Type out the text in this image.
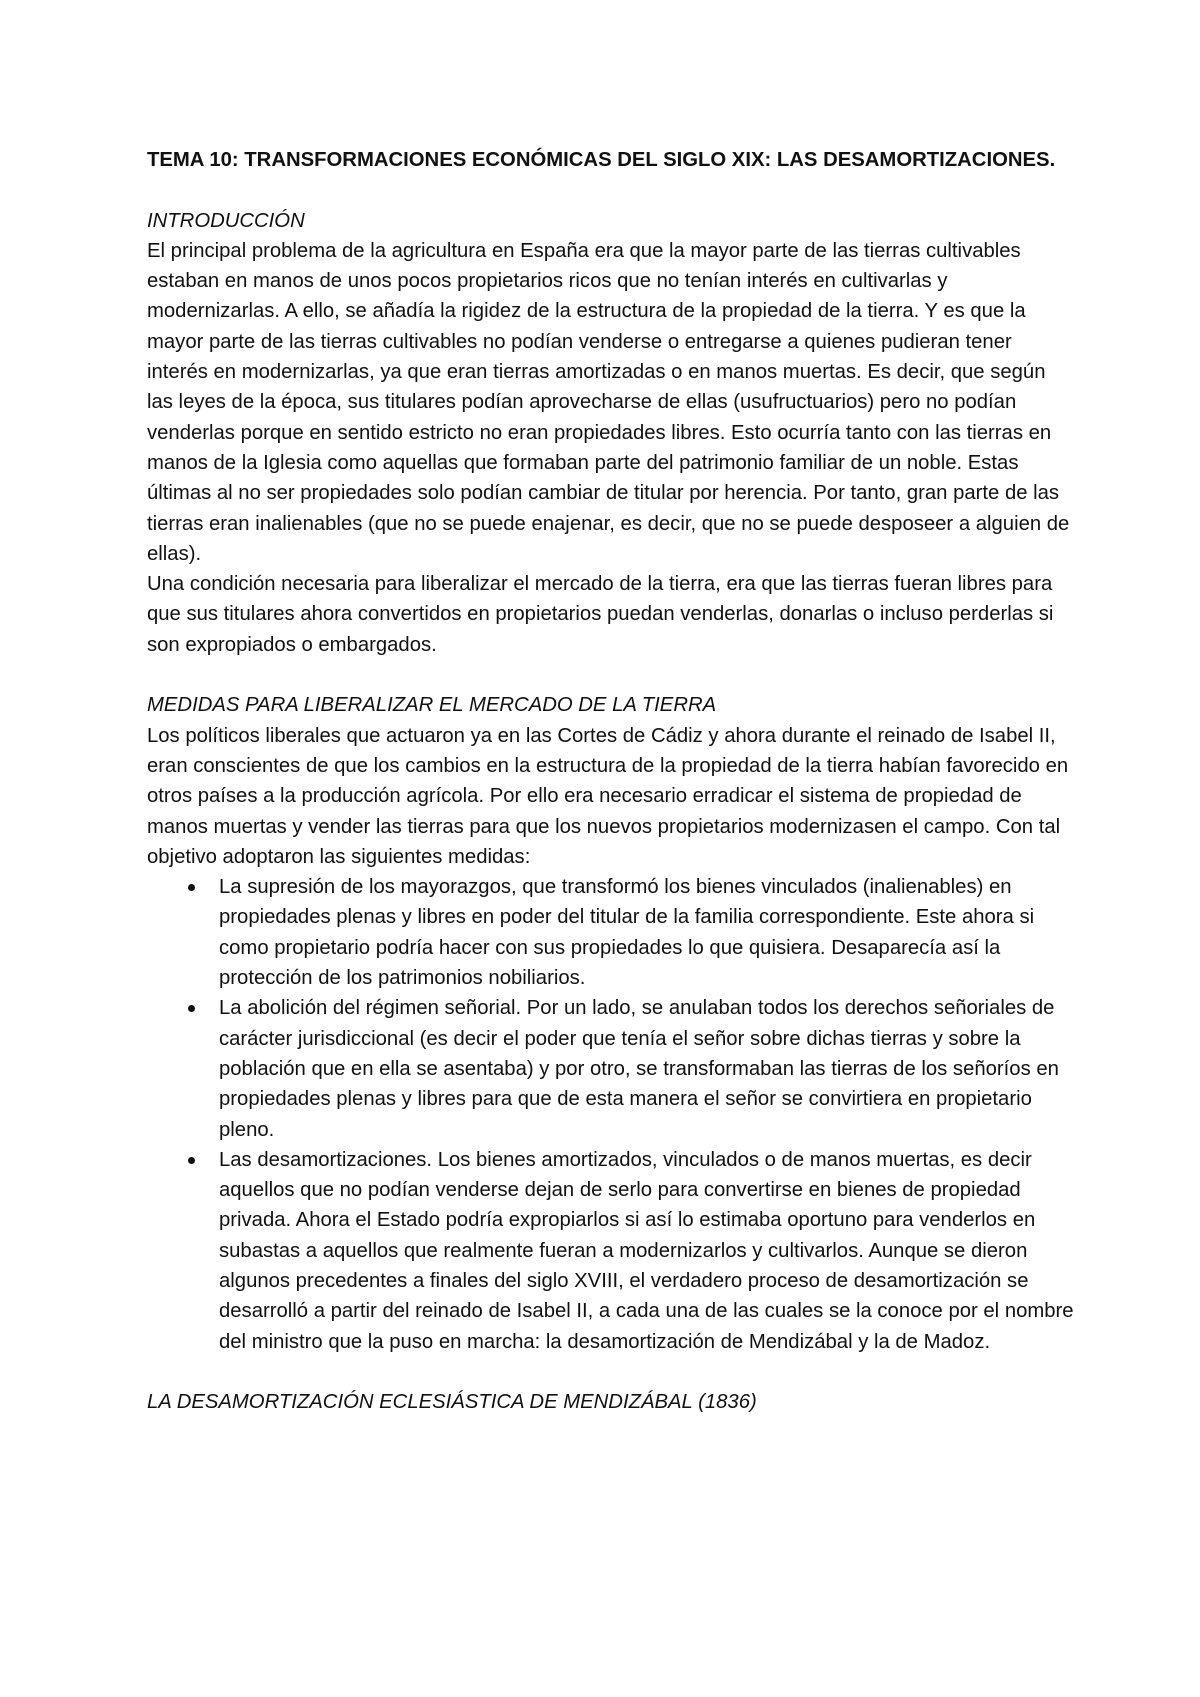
TEMA 10: TRANSFORMACIONES ECONÓMICAS DEL SIGLO XIX: LAS DESAMORTIZACIONES.

INTRODUCCIÓN

El principal problema de la agricultura en España era que la mayor parte de las tierras cultivables estaban en manos de unos pocos propietarios ricos que no tenían interés en cultivarlas y modernizarlas. A ello, se añadía la rigidez de la estructura de la propiedad de la tierra. Y es que la mayor parte de las tierras cultivables no podían venderse o entregarse a quienes pudieran tener interés en modernizarlas, ya que eran tierras amortizadas o en manos muertas. Es decir, que según las leyes de la época, sus titulares podían aprovecharse de ellas (usufructuarios) pero no podían venderlas porque en sentido estricto no eran propiedades libres. Esto ocurría tanto con las tierras en manos de la Iglesia como aquellas que formaban parte del patrimonio familiar de un noble. Estas últimas al no ser propiedades solo podían cambiar de titular por herencia. Por tanto, gran parte de las tierras eran inalienables (que no se puede enajenar, es decir, que no se puede desposeer a alguien de ellas).

Una condición necesaria para liberalizar el mercado de la tierra, era que las tierras fueran libres para que sus titulares ahora convertidos en propietarios puedan venderlas, donarlas o incluso perderlas si son expropiados o embargados.

MEDIDAS PARA LIBERALIZAR EL MERCADO DE LA TIERRA

Los políticos liberales que actuaron ya en las Cortes de Cádiz y ahora durante el reinado de Isabel II, eran conscientes de que los cambios en la estructura de la propiedad de la tierra habían favorecido en otros países a la producción agrícola. Por ello era necesario erradicar el sistema de propiedad de manos muertas y vender las tierras para que los nuevos propietarios modernizasen el campo. Con tal objetivo adoptaron las siguientes medidas:

La supresión de los mayorazgos, que transformó los bienes vinculados (inalienables) en propiedades plenas y libres en poder del titular de la familia correspondiente. Este ahora si como propietario podría hacer con sus propiedades lo que quisiera. Desaparecía así la protección de los patrimonios nobiliarios.
La abolición del régimen señorial. Por un lado, se anulaban todos los derechos señoriales de carácter jurisdiccional (es decir el poder que tenía el señor sobre dichas tierras y sobre la población que en ella se asentaba) y por otro, se transformaban las tierras de los señoríos en propiedades plenas y libres para que de esta manera el señor se convirtiera en propietario pleno.
Las desamortizaciones. Los bienes amortizados, vinculados o de manos muertas, es decir aquellos que no podían venderse dejan de serlo para convertirse en bienes de propiedad privada. Ahora el Estado podría expropiarlos si así lo estimaba oportuno para venderlos en subastas a aquellos que realmente fueran a modernizarlos y cultivarlos. Aunque se dieron algunos precedentes a finales del siglo XVIII, el verdadero proceso de desamortización se desarrolló a partir del reinado de Isabel II, a cada una de las cuales se la conoce por el nombre del ministro que la puso en marcha: la desamortización de Mendizábal y la de Madoz.

LA DESAMORTIZACIÓN ECLESIÁSTICA DE MENDIZÁBAL (1836)
